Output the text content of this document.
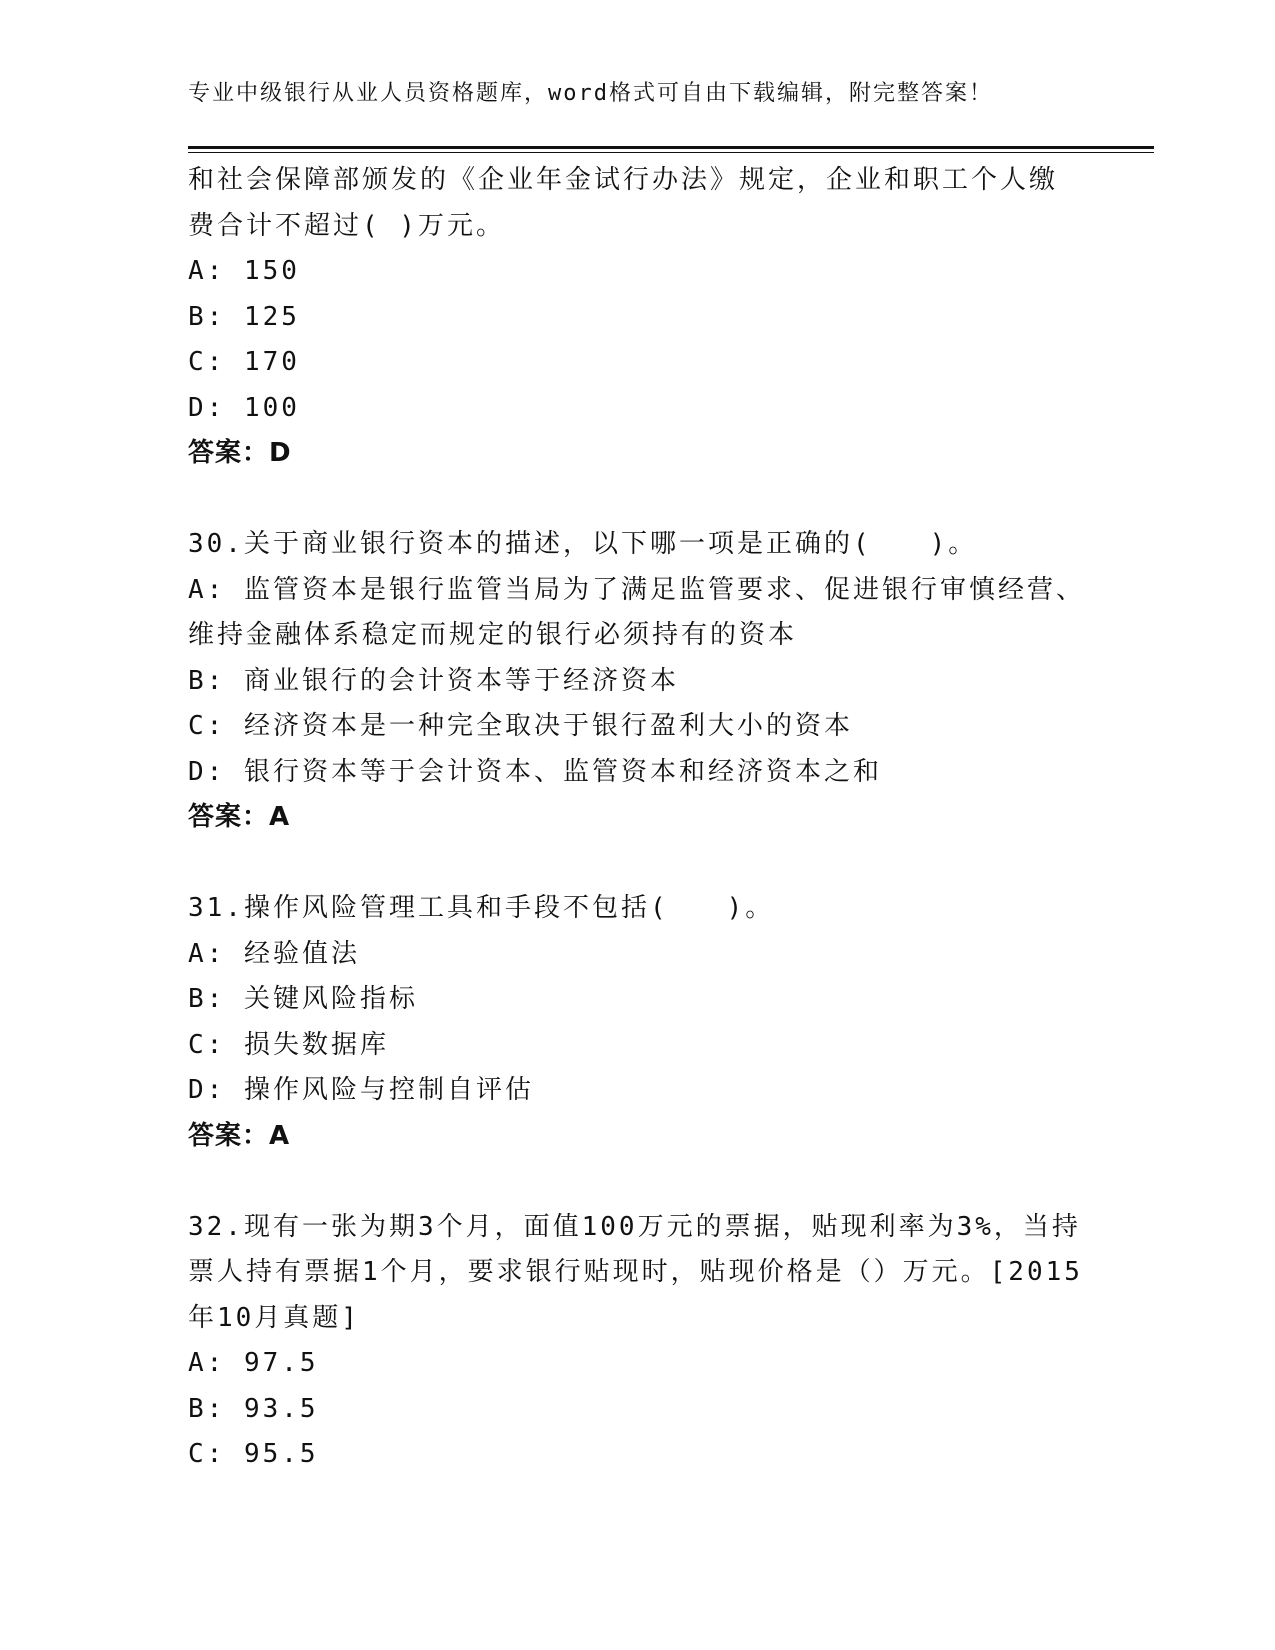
专业中级银行从业人员资格题库，word格式可自由下载编辑，附完整答案！
和社会保障部颁发的《企业年金试行办法》规定，企业和职工个人缴
费合计不超过( )万元。
A: 150
B: 125
C: 170
D: 100
答案：D
30.关于商业银行资本的描述，以下哪一项是正确的(　　)。
A: 监管资本是银行监管当局为了满足监管要求、促进银行审慎经营、
维持金融体系稳定而规定的银行必须持有的资本
B: 商业银行的会计资本等于经济资本
C: 经济资本是一种完全取决于银行盈利大小的资本
D: 银行资本等于会计资本、监管资本和经济资本之和
答案：A
31.操作风险管理工具和手段不包括(　　)。
A: 经验值法
B: 关键风险指标
C: 损失数据库
D: 操作风险与控制自评估
答案：A
32.现有一张为期3个月，面值100万元的票据，贴现利率为3%，当持
票人持有票据1个月，要求银行贴现时，贴现价格是（）万元。[2015
年10月真题]
A: 97.5
B: 93.5
C: 95.5
